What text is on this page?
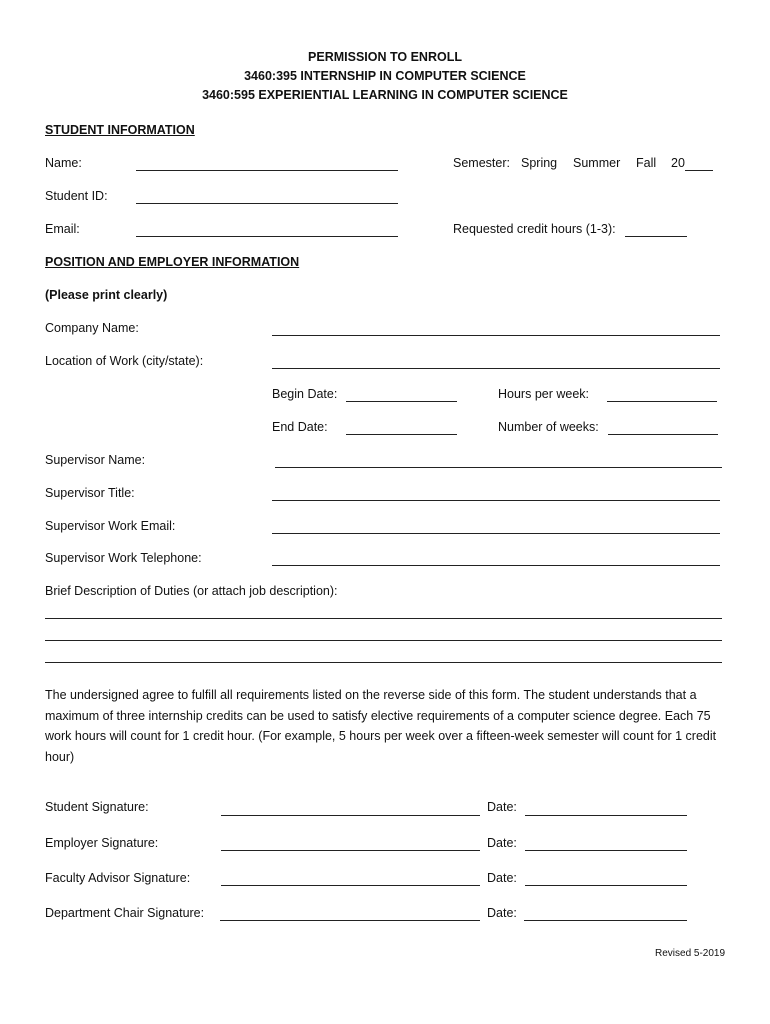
PERMISSION TO ENROLL
3460:395 INTERNSHIP IN COMPUTER SCIENCE
3460:595 EXPERIENTIAL LEARNING IN COMPUTER SCIENCE
STUDENT INFORMATION
Name:	Semester: Spring Summer Fall 20
Student ID:
Email:	Requested credit hours (1-3):
POSITION AND EMPLOYER INFORMATION
(Please print clearly)
Company Name:
Location of Work (city/state):
Begin Date:	Hours per week:
End Date:	Number of weeks:
Supervisor Name:
Supervisor Title:
Supervisor Work Email:
Supervisor Work Telephone:
Brief Description of Duties (or attach job description):
The undersigned agree to fulfill all requirements listed on the reverse side of this form. The student understands that a maximum of three internship credits can be used to satisfy elective requirements of a computer science degree. Each 75 work hours will count for 1 credit hour. (For example, 5 hours per week over a fifteen-week semester will count for 1 credit hour)
Student Signature:	Date:
Employer Signature:	Date:
Faculty Advisor Signature:	Date:
Department Chair Signature:	Date:
Revised 5-2019
